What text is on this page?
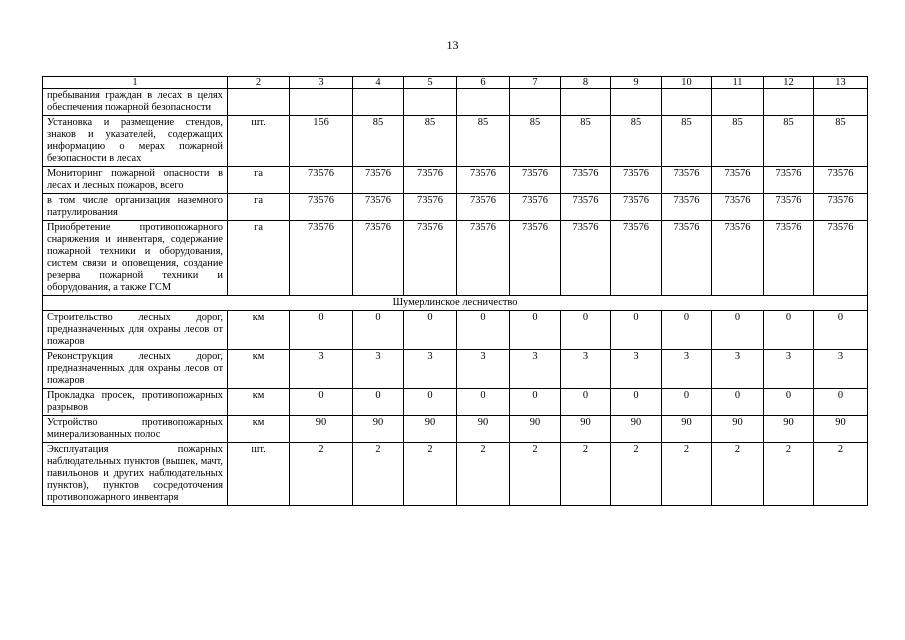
13
1	2	3	4	5	6	7	8	9	10	11	12	13
пребывания граждан в лесах в целях обеспечения пожарной безопасности												
Установка и размещение стендов, знаков и указателей, содержащих информацию о мерах пожарной безопасности в лесах	шт.	156	85	85	85	85	85	85	85	85	85	85
Мониторинг пожарной опасности в лесах и лесных пожаров, всего	га	73576	73576	73576	73576	73576	73576	73576	73576	73576	73576	73576
в том числе организация наземного патрулирования	га	73576	73576	73576	73576	73576	73576	73576	73576	73576	73576	73576
Приобретение противопожарного снаряжения и инвентаря, содержание пожарной техники и оборудования, систем связи и оповещения, создание резерва пожарной техники и оборудования, а также ГСМ	га	73576	73576	73576	73576	73576	73576	73576	73576	73576	73576	73576
Шумерлинское лесничество												
Строительство лесных дорог, предназначенных для охраны лесов от пожаров	км	0	0	0	0	0	0	0	0	0	0	0
Реконструкция лесных дорог, предназначенных для охраны лесов от пожаров	км	3	3	3	3	3	3	3	3	3	3	3
Прокладка просек, противопожарных разрывов	км	0	0	0	0	0	0	0	0	0	0	0
Устройство противопожарных минерализованных полос	км	90	90	90	90	90	90	90	90	90	90	90
Эксплуатация пожарных наблюдательных пунктов (вышек, мачт, павильонов и других наблюдательных пунктов), пунктов сосредоточения противопожарного инвентаря	шт.	2	2	2	2	2	2	2	2	2	2	2
